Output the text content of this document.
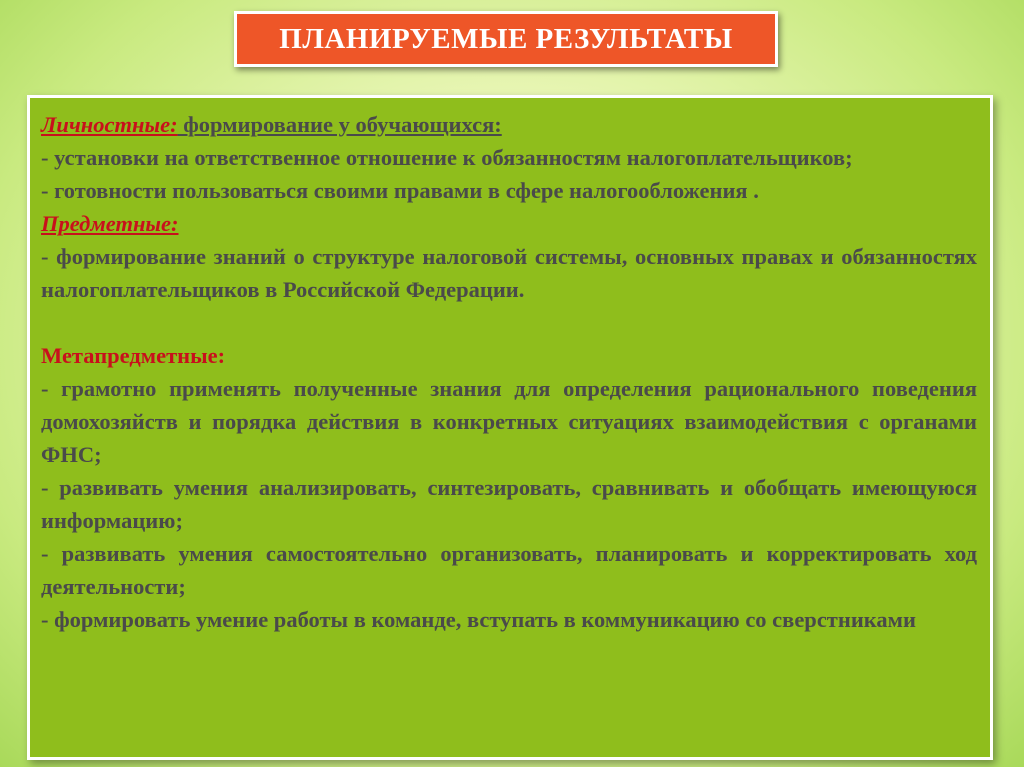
ПЛАНИРУЕМЫЕ РЕЗУЛЬТАТЫ

Личностные: формирование у обучающихся:

- установки на ответственное отношение к обязанностям налогоплательщиков;

- готовности пользоваться своими правами в сфере налогообложения .

Предметные:

- формирование знаний о структуре налоговой системы, основных правах и обязанностях налогоплательщиков в Российской Федерации.

Метапредметные:

- грамотно применять полученные знания для определения рационального поведения домохозяйств и порядка действия в конкретных ситуациях взаимодействия с органами ФНС;

- развивать умения анализировать, синтезировать, сравнивать и обобщать имеющуюся информацию;

- развивать умения самостоятельно организовать, планировать и корректировать ход деятельности;

- формировать умение работы в команде, вступать в коммуникацию со сверстниками
